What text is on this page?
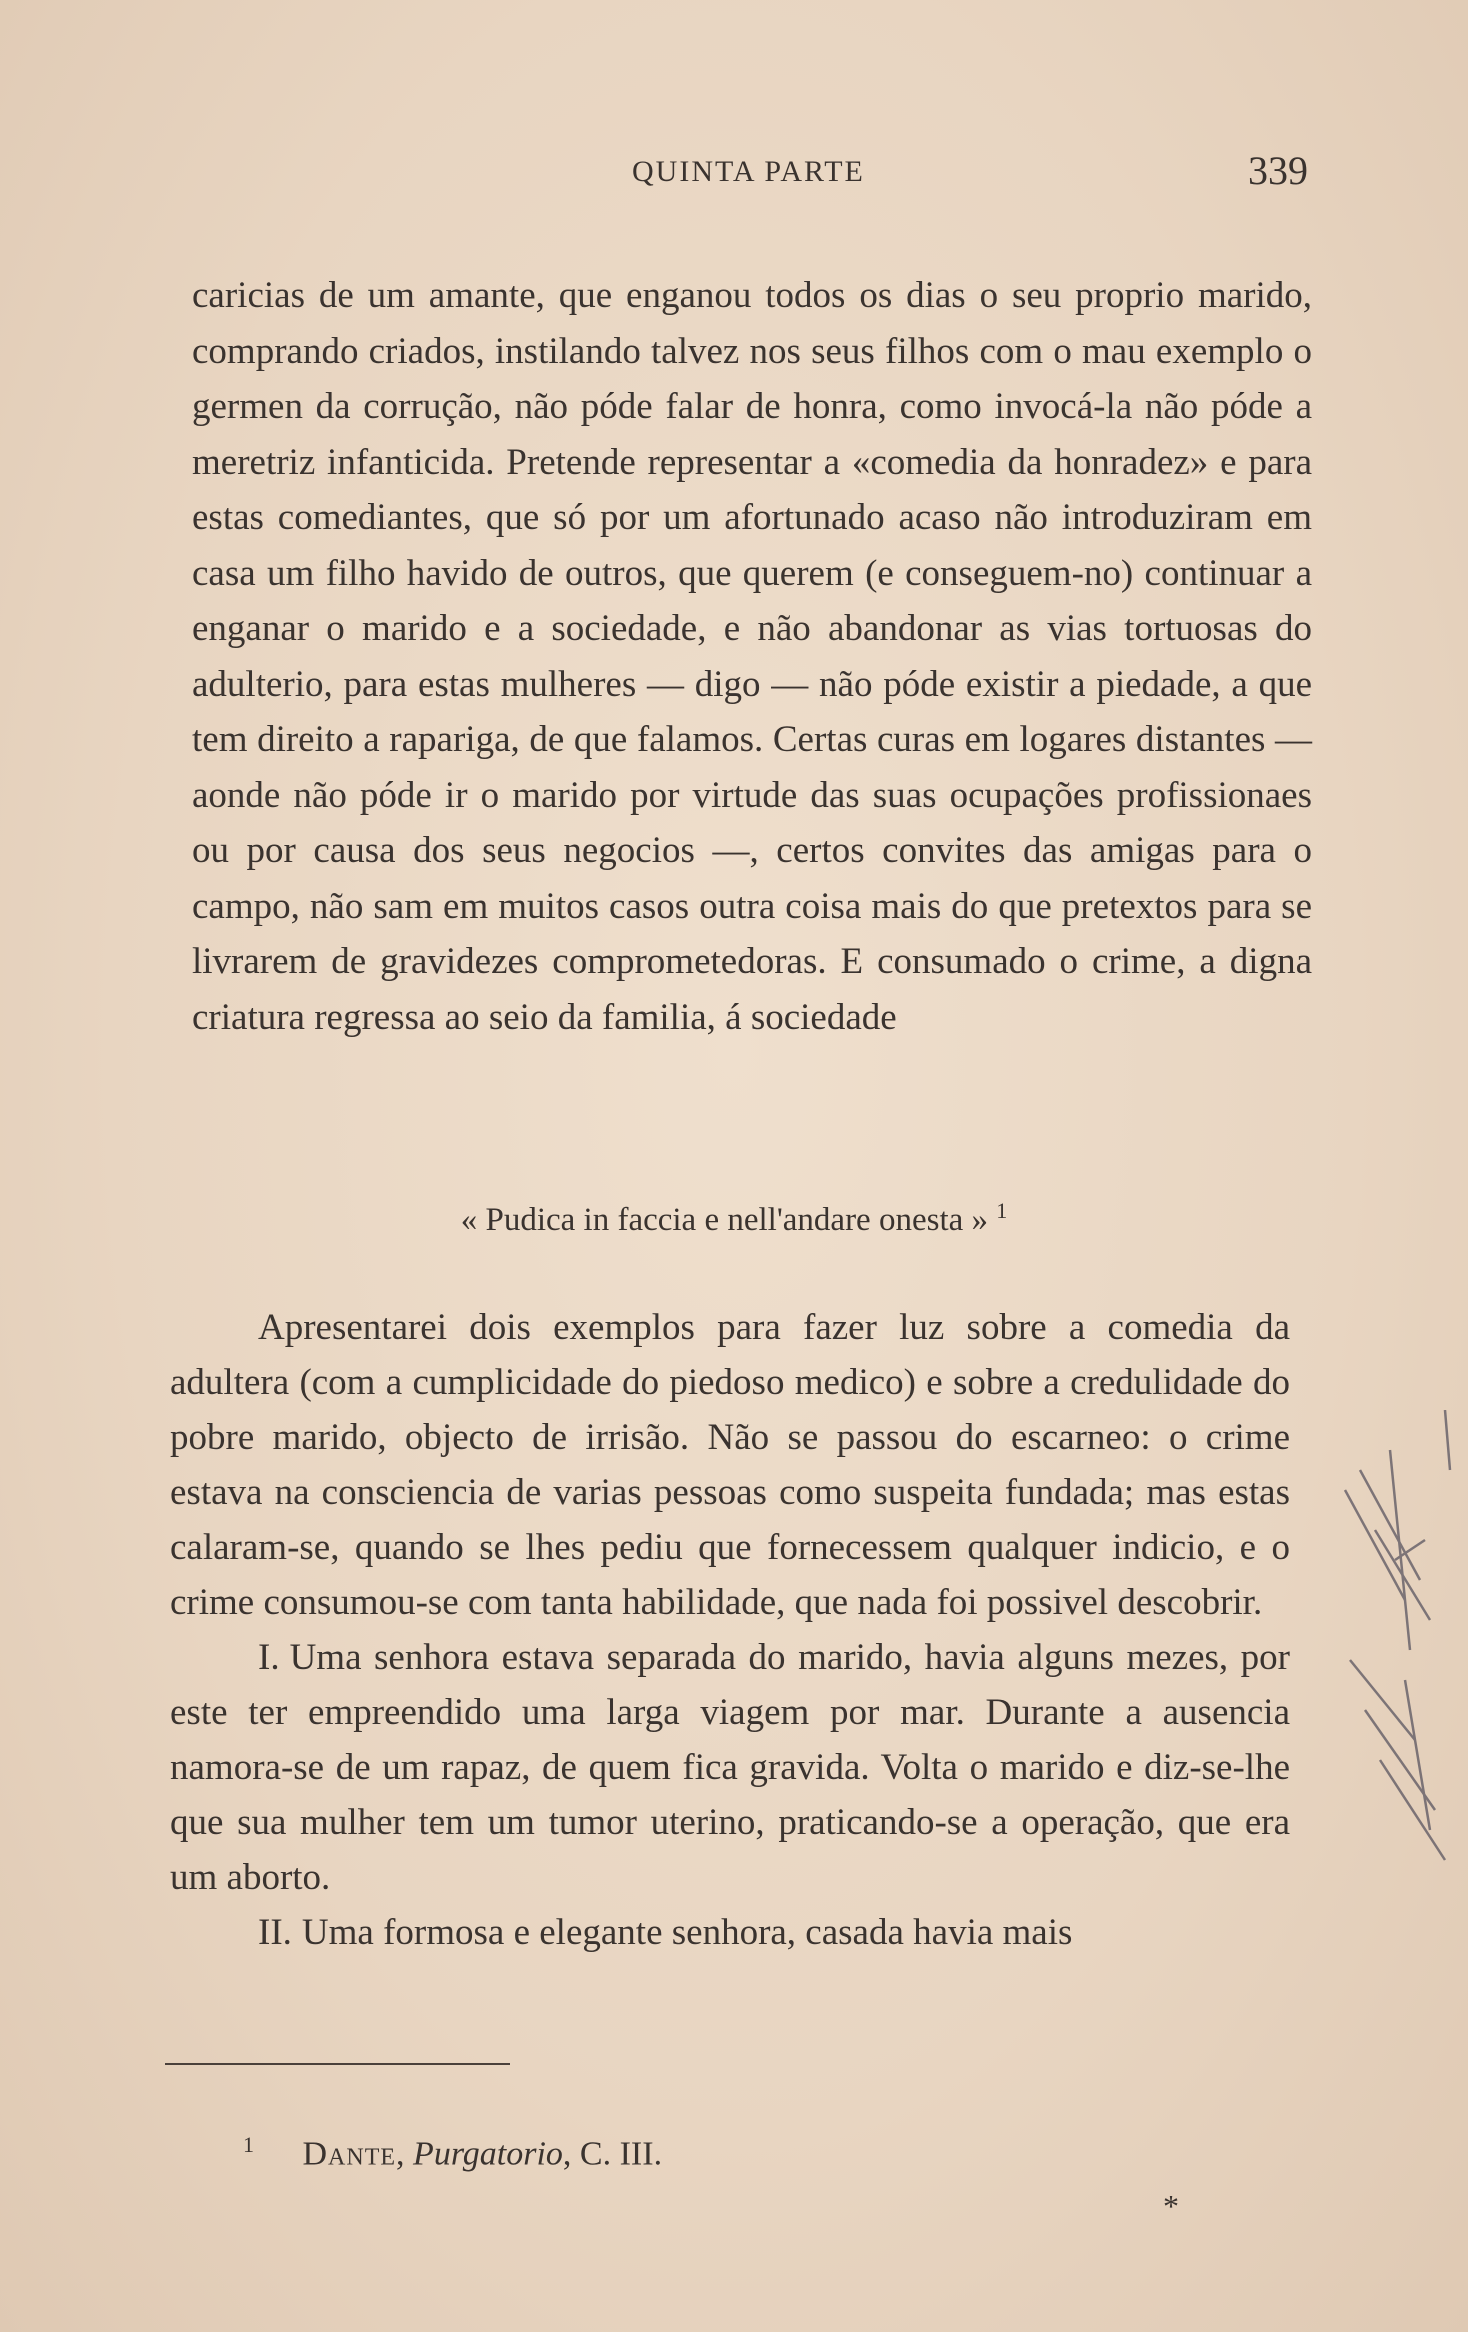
QUINTA PARTE	339

caricias de um amante, que enganou todos os dias o seu proprio marido, comprando criados, instilando talvez nos seus filhos com o mau exemplo o germen da corrução, não póde falar de honra, como invocá-la não póde a meretriz infanticida. Pretende representar a «comedia da honradez» e para estas comediantes, que só por um afortunado acaso não introduziram em casa um filho havido de outros, que querem (e conseguem-no) continuar a enganar o marido e a sociedade, e não abandonar as vias tortuosas do adulterio, para estas mulheres — digo — não póde existir a piedade, a que tem direito a rapariga, de que falamos. Certas curas em logares distantes — aonde não póde ir o marido por virtude das suas ocupações profissionaes ou por causa dos seus negocios —, certos convites das amigas para o campo, não sam em muitos casos outra coisa mais do que pretextos para se livrarem de gravidezes comprometedoras. E consumado o crime, a digna criatura regressa ao seio da familia, á sociedade

« Pudica in faccia e nell'andare onesta » $^1$

Apresentarei dois exemplos para fazer luz sobre a comedia da adultera (com a cumplicidade do piedoso medico) e sobre a credulidade do pobre marido, objecto de irrisão. Não se passou do escarneo: o crime estava na consciencia de varias pessoas como suspeita fundada; mas estas calaram-se, quando se lhes pediu que fornecessem qualquer indicio, e o crime consumou-se com tanta habilidade, que nada foi possivel descobrir.

I. Uma senhora estava separada do marido, havia alguns mezes, por este ter empreendido uma larga viagem por mar. Durante a ausencia namora-se de um rapaz, de quem fica gravida. Volta o marido e diz-se-lhe que sua mulher tem um tumor uterino, praticando-se a operação, que era um aborto.

II. Uma formosa e elegante senhora, casada havia mais

$^1$ Dante, Purgatorio, C. III.
*
